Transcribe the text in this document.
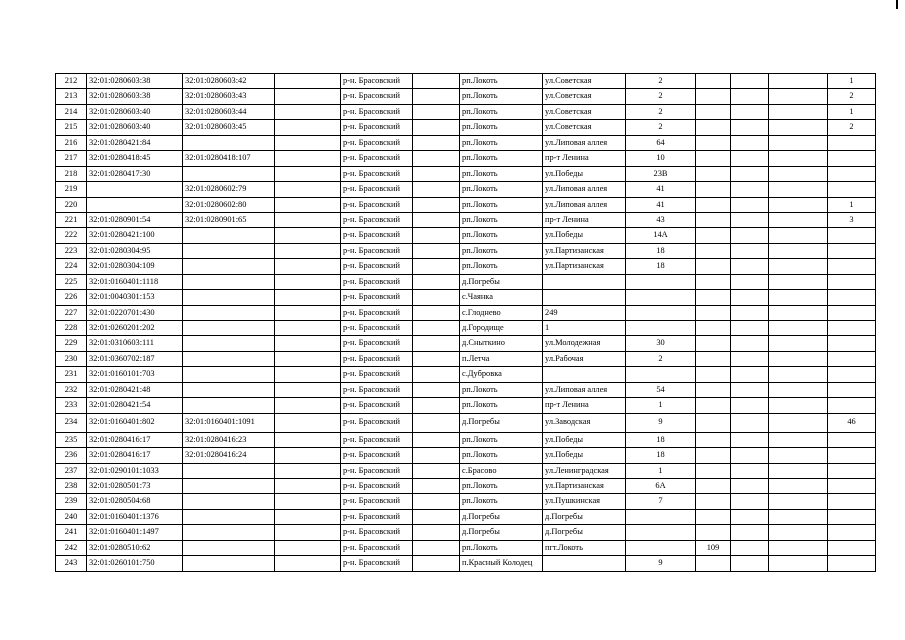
212	32:01:0280603:38	32:01:0280603:42		р-н. Брасовский		рп.Локоть	ул.Советская	2				1
213	32:01:0280603:38	32:01:0280603:43		р-н. Брасовский		рп.Локоть	ул.Советская	2				2
214	32:01:0280603:40	32:01:0280603:44		р-н. Брасовский		рп.Локоть	ул.Советская	2				1
215	32:01:0280603:40	32:01:0280603:45		р-н. Брасовский		рп.Локоть	ул.Советская	2				2
216	32:01:0280421:84			р-н. Брасовский		рп.Локоть	ул.Липовая аллея	64				
217	32:01:0280418:45	32:01:0280418:107		р-н. Брасовский		рп.Локоть	пр-т Ленина	10				
218	32:01:0280417:30			р-н. Брасовский		рп.Локоть	ул.Победы	23В				
219		32:01:0280602:79		р-н. Брасовский		рп.Локоть	ул.Липовая аллея	41				
220		32:01:0280602:80		р-н. Брасовский		рп.Локоть	ул.Липовая аллея	41				1
221	32:01:0280901:54	32:01:0280901:65		р-н. Брасовский		рп.Локоть	пр-т Ленина	43				3
222	32:01:0280421:100			р-н. Брасовский		рп.Локоть	ул.Победы	14А				
223	32:01:0280304:95			р-н. Брасовский		рп.Локоть	ул.Партизанская	18				
224	32:01:0280304:109			р-н. Брасовский		рп.Локоть	ул.Партизанская	18				
225	32:01:0160401:1118			р-н. Брасовский		д.Погребы						
226	32:01:0040301:153			р-н. Брасовский		с.Чаянка						
227	32:01:0220701:430			р-н. Брасовский		с.Глоднево	249					
228	32:01:0260201:202			р-н. Брасовский		д.Городище	1					
229	32:01:0310603:111			р-н. Брасовский		д.Сныткино	ул.Молодежная	30				
230	32:01:0360702:187			р-н. Брасовский		п.Летча	ул.Рабочая	2				
231	32:01:0160101:703			р-н. Брасовский		с.Дубровка						
232	32:01:0280421:48			р-н. Брасовский		рп.Локоть	ул.Липовая аллея	54				
233	32:01:0280421:54			р-н. Брасовский		рп.Локоть	пр-т Ленина	1				
234	32:01:0160401:802	32:01:0160401:1091		р-н. Брасовский		д.Погребы	ул.Заводская	9				46
235	32:01:0280416:17	32:01:0280416:23		р-н. Брасовский		рп.Локоть	ул.Победы	18				
236	32:01:0280416:17	32:01:0280416:24		р-н. Брасовский		рп.Локоть	ул.Победы	18				
237	32:01:0290101:1033			р-н. Брасовский		с.Брасово	ул.Ленинградская	1				
238	32:01:0280501:73			р-н. Брасовский		рп.Локоть	ул.Партизанская	6А				
239	32:01:0280504:68			р-н. Брасовский		рп.Локоть	ул.Пушкинская	7				
240	32:01:0160401:1376			р-н. Брасовский		д.Погребы	д.Погребы					
241	32:01:0160401:1497			р-н. Брасовский		д.Погребы	д.Погребы					
242	32:01:0280510:62			р-н. Брасовский		рп.Локоть	пгт.Локоть		109			
243	32:01:0260101:750			р-н. Брасовский		п.Красный Колодец		9				
